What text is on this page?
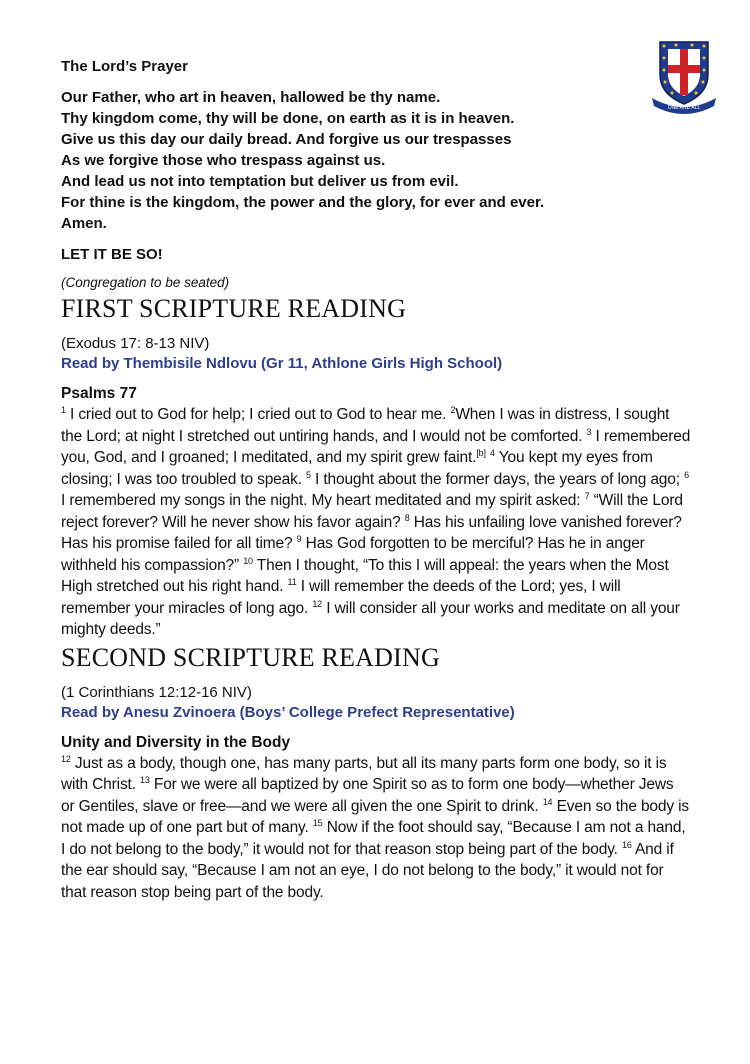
ONE AND ALL

The Lord’s Prayer

Our Father, who art in heaven, hallowed be thy name.
Thy kingdom come, thy will be done, on earth as it is in heaven.
Give us this day our daily bread. And forgive us our trespasses
As we forgive those who trespass against us.
And lead us not into temptation but deliver us from evil.
For thine is the kingdom, the power and the glory, for ever and ever.
Amen.

LET IT BE SO!

(Congregation to be seated)

FIRST SCRIPTURE READING

(Exodus 17: 8-13 NIV)

Read by Thembisile Ndlovu (Gr 11, Athlone Girls High School)

Psalms 77

$^1$ I cried out to God for help; I cried out to God to hear me. $^2$When I was in distress, I sought the Lord; at night I stretched out untiring hands, and I would not be comforted. $^3$ I remembered you, God, and I groaned; I meditated, and my spirit grew faint.[b] $^4$ You kept my eyes from closing; I was too troubled to speak. $^5$ I thought about the former days, the years of long ago; $^6$ I remembered my songs in the night. My heart meditated and my spirit asked: $^7$ “Will the Lord reject forever? Will he never show his favor again? $^8$ Has his unfailing love vanished forever? Has his promise failed for all time? $^9$ Has God forgotten to be merciful? Has he in anger withheld his compassion?” $^{10}$ Then I thought, “To this I will appeal: the years when the Most High stretched out his right hand. $^{11}$ I will remember the deeds of the Lord; yes, I will remember your miracles of long ago. $^{12}$ I will consider all your works and meditate on all your mighty deeds.”

SECOND SCRIPTURE READING

(1 Corinthians 12:12-16 NIV)

Read by Anesu Zvinoera (Boys’ College Prefect Representative)

Unity and Diversity in the Body

$^{12}$ Just as a body, though one, has many parts, but all its many parts form one body, so it is with Christ. $^{13}$ For we were all baptized by one Spirit so as to form one body—whether Jews or Gentiles, slave or free—and we were all given the one Spirit to drink. $^{14}$ Even so the body is not made up of one part but of many. $^{15}$ Now if the foot should say, “Because I am not a hand, I do not belong to the body,” it would not for that reason stop being part of the body. $^{16}$ And if the ear should say, “Because I am not an eye, I do not belong to the body,” it would not for that reason stop being part of the body.
